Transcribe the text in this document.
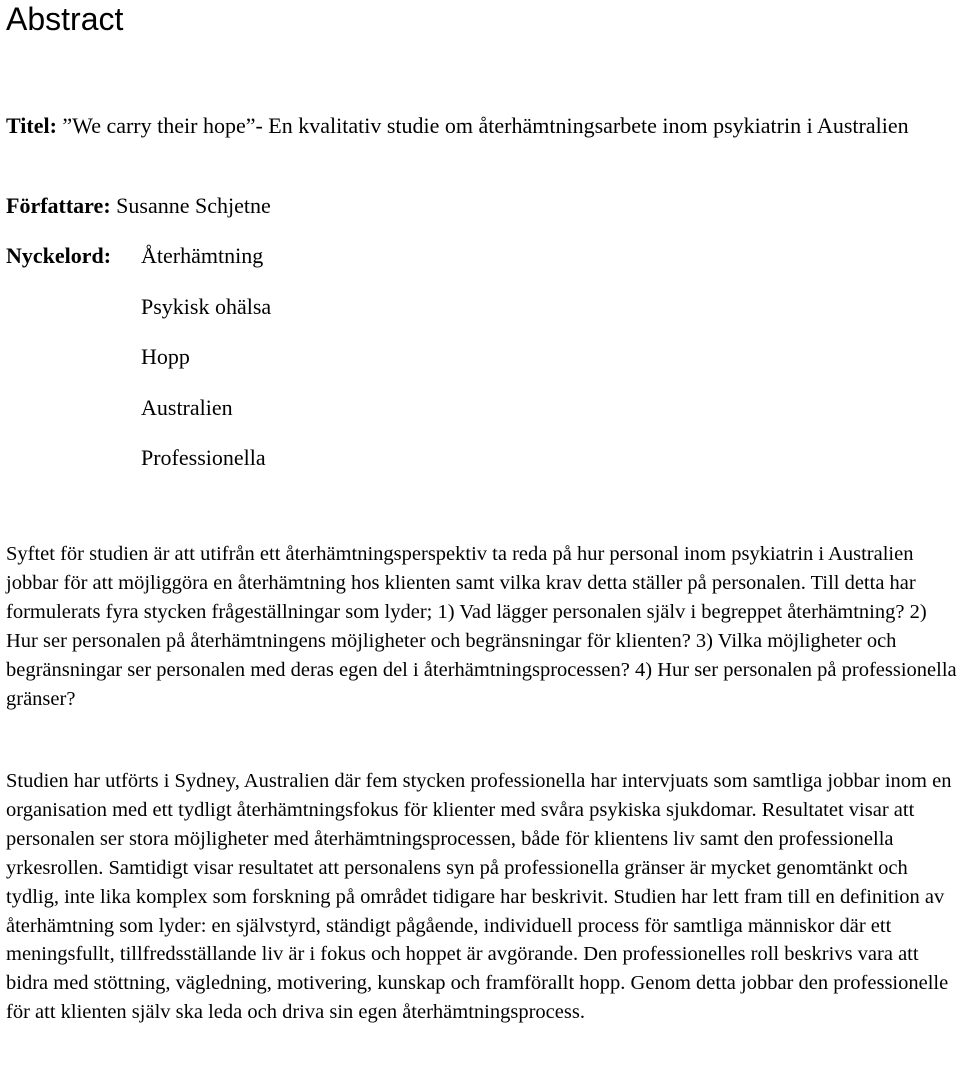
Abstract
Titel: ”We carry their hope”- En kvalitativ studie om återhämtningsarbete inom psykiatrin i Australien
Författare: Susanne Schjetne
Nyckelord: Återhämtning
Psykisk ohälsa
Hopp
Australien
Professionella

Syftet för studien är att utifrån ett återhämtningsperspektiv ta reda på hur personal inom psykiatrin i Australien jobbar för att möjliggöra en återhämtning hos klienten samt vilka krav detta ställer på personalen. Till detta har formulerats fyra stycken frågeställningar som lyder; 1) Vad lägger personalen själv i begreppet återhämtning? 2) Hur ser personalen på återhämtningens möjligheter och begränsningar för klienten? 3) Vilka möjligheter och begränsningar ser personalen med deras egen del i återhämtningsprocessen? 4) Hur ser personalen på professionella gränser?

Studien har utförts i Sydney, Australien där fem stycken professionella har intervjuats som samtliga jobbar inom en organisation med ett tydligt återhämtningsfokus för klienter med svåra psykiska sjukdomar. Resultatet visar att personalen ser stora möjligheter med återhämtningsprocessen, både för klientens liv samt den professionella yrkesrollen. Samtidigt visar resultatet att personalens syn på professionella gränser är mycket genomtänkt och tydlig, inte lika komplex som forskning på området tidigare har beskrivit. Studien har lett fram till en definition av återhämtning som lyder: en självstyrd, ständigt pågående, individuell process för samtliga människor där ett meningsfullt, tillfredsställande liv är i fokus och hoppet är avgörande. Den professionelles roll beskrivs vara att bidra med stöttning, vägledning, motivering, kunskap och framförallt hopp. Genom detta jobbar den professionelle för att klienten själv ska leda och driva sin egen återhämtningsprocess.
